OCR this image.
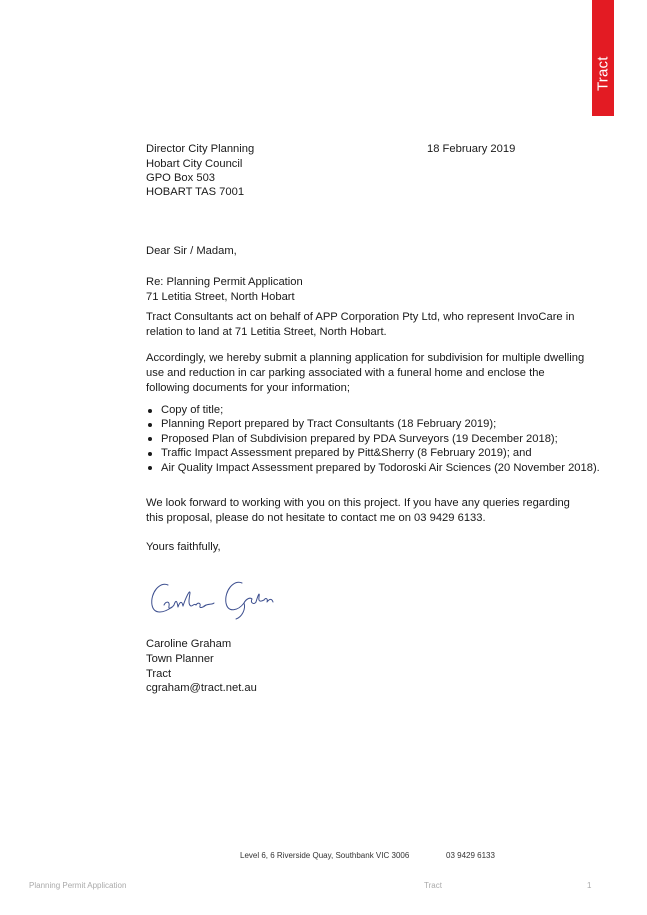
Tract
Director City Planning
Hobart City Council
GPO Box 503
HOBART TAS 7001
18 February 2019
Dear Sir / Madam,
Re: Planning Permit Application
71 Letitia Street, North Hobart
Tract Consultants act on behalf of APP Corporation Pty Ltd, who represent InvoCare in relation to land at 71 Letitia Street, North Hobart.
Accordingly, we hereby submit a planning application for subdivision for multiple dwelling use and reduction in car parking associated with a funeral home and enclose the following documents for your information;
Copy of title;
Planning Report prepared by Tract Consultants (18 February 2019);
Proposed Plan of Subdivision prepared by PDA Surveyors (19 December 2018);
Traffic Impact Assessment prepared by Pitt&Sherry (8 February 2019); and
Air Quality Impact Assessment prepared by Todoroski Air Sciences (20 November 2018).
We look forward to working with you on this project. If you have any queries regarding this proposal, please do not hesitate to contact me on 03 9429 6133.
Yours faithfully,
Caroline Graham
Town Planner
Tract
cgraham@tract.net.au
Level 6, 6 Riverside Quay, Southbank VIC 3006	03 9429 6133
Planning Permit Application	Tract	1
